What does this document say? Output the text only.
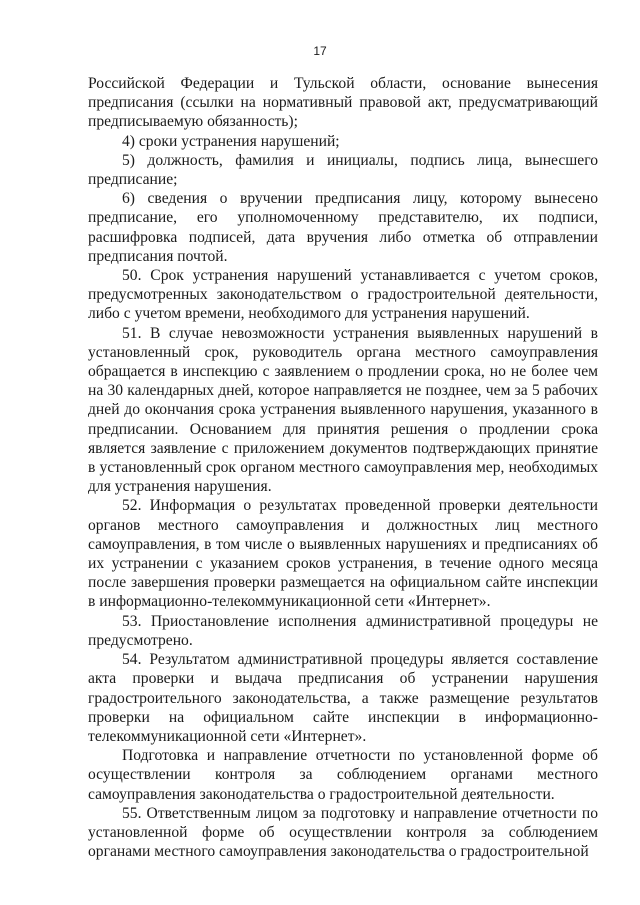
17

Российской Федерации и Тульской области, основание вынесения предписания (ссылки на нормативный правовой акт, предусматривающий предписываемую обязанность);

4) сроки устранения нарушений;

5) должность, фамилия и инициалы, подпись лица, вынесшего предписание;

6) сведения о вручении предписания лицу, которому вынесено предписание, его уполномоченному представителю, их подписи, расшифровка подписей, дата вручения либо отметка об отправлении предписания почтой.

50. Срок устранения нарушений устанавливается с учетом сроков, предусмотренных законодательством о градостроительной деятельности, либо с учетом времени, необходимого для устранения нарушений.

51. В случае невозможности устранения выявленных нарушений в установленный срок, руководитель органа местного самоуправления обращается в инспекцию с заявлением о продлении срока, но не более чем на 30 календарных дней, которое направляется не позднее, чем за 5 рабочих дней до окончания срока устранения выявленного нарушения, указанного в предписании. Основанием для принятия решения о продлении срока является заявление с приложением документов подтверждающих принятие в установленный срок органом местного самоуправления мер, необходимых для устранения нарушения.

52. Информация о результатах проведенной проверки деятельности органов местного самоуправления и должностных лиц местного самоуправления, в том числе о выявленных нарушениях и предписаниях об их устранении с указанием сроков устранения, в течение одного месяца после завершения проверки размещается на официальном сайте инспекции в информационно-телекоммуникационной сети «Интернет».

53. Приостановление исполнения административной процедуры не предусмотрено.

54. Результатом административной процедуры является составление акта проверки и выдача предписания об устранении нарушения градостроительного законодательства, а также размещение результатов проверки на официальном сайте инспекции в информационно-телекоммуникационной сети «Интернет».

Подготовка и направление отчетности по установленной форме об осуществлении контроля за соблюдением органами местного самоуправления законодательства о градостроительной деятельности.

55. Ответственным лицом за подготовку и направление отчетности по установленной форме об осуществлении контроля за соблюдением органами местного самоуправления законодательства о градостроительной
